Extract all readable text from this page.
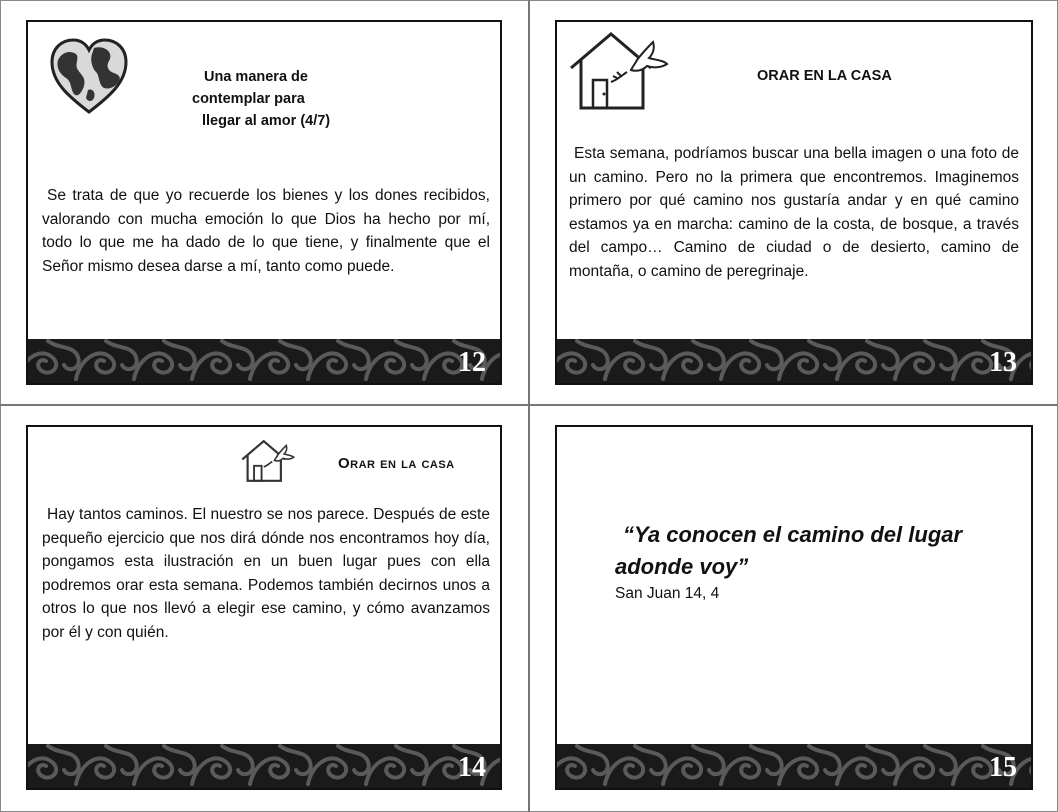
Una manera de
contemplar para
llegar al amor (4/7)
Se trata de que yo recuerde los bienes y los dones recibidos, valorando con mucha emoción lo que Dios ha hecho por mí, todo lo que me ha dado de lo que tiene, y finalmente que el Señor mismo desea darse a mí, tanto como puede.
12
ORAR EN LA CASA
Esta semana, podríamos buscar una bella imagen o una foto de un camino. Pero no la primera que encontremos. Imaginemos primero por qué camino nos gustaría andar y en qué camino estamos ya en marcha: camino de la costa, de bosque, a través del campo… Camino de ciudad o de desierto, camino de montaña, o camino de peregrinaje.
13
Orar en la casa
Hay tantos caminos. El nuestro se nos parece. Después de este pequeño ejercicio que nos dirá dónde nos encontramos hoy día, pongamos esta ilustración en un buen lugar pues con ella podremos orar esta semana. Podemos también decirnos unos a otros lo que nos llevó a elegir ese camino, y cómo avanzamos por él y con quién.
14
“Ya conocen el camino del lugar
adonde voy”
San Juan 14, 4
15
